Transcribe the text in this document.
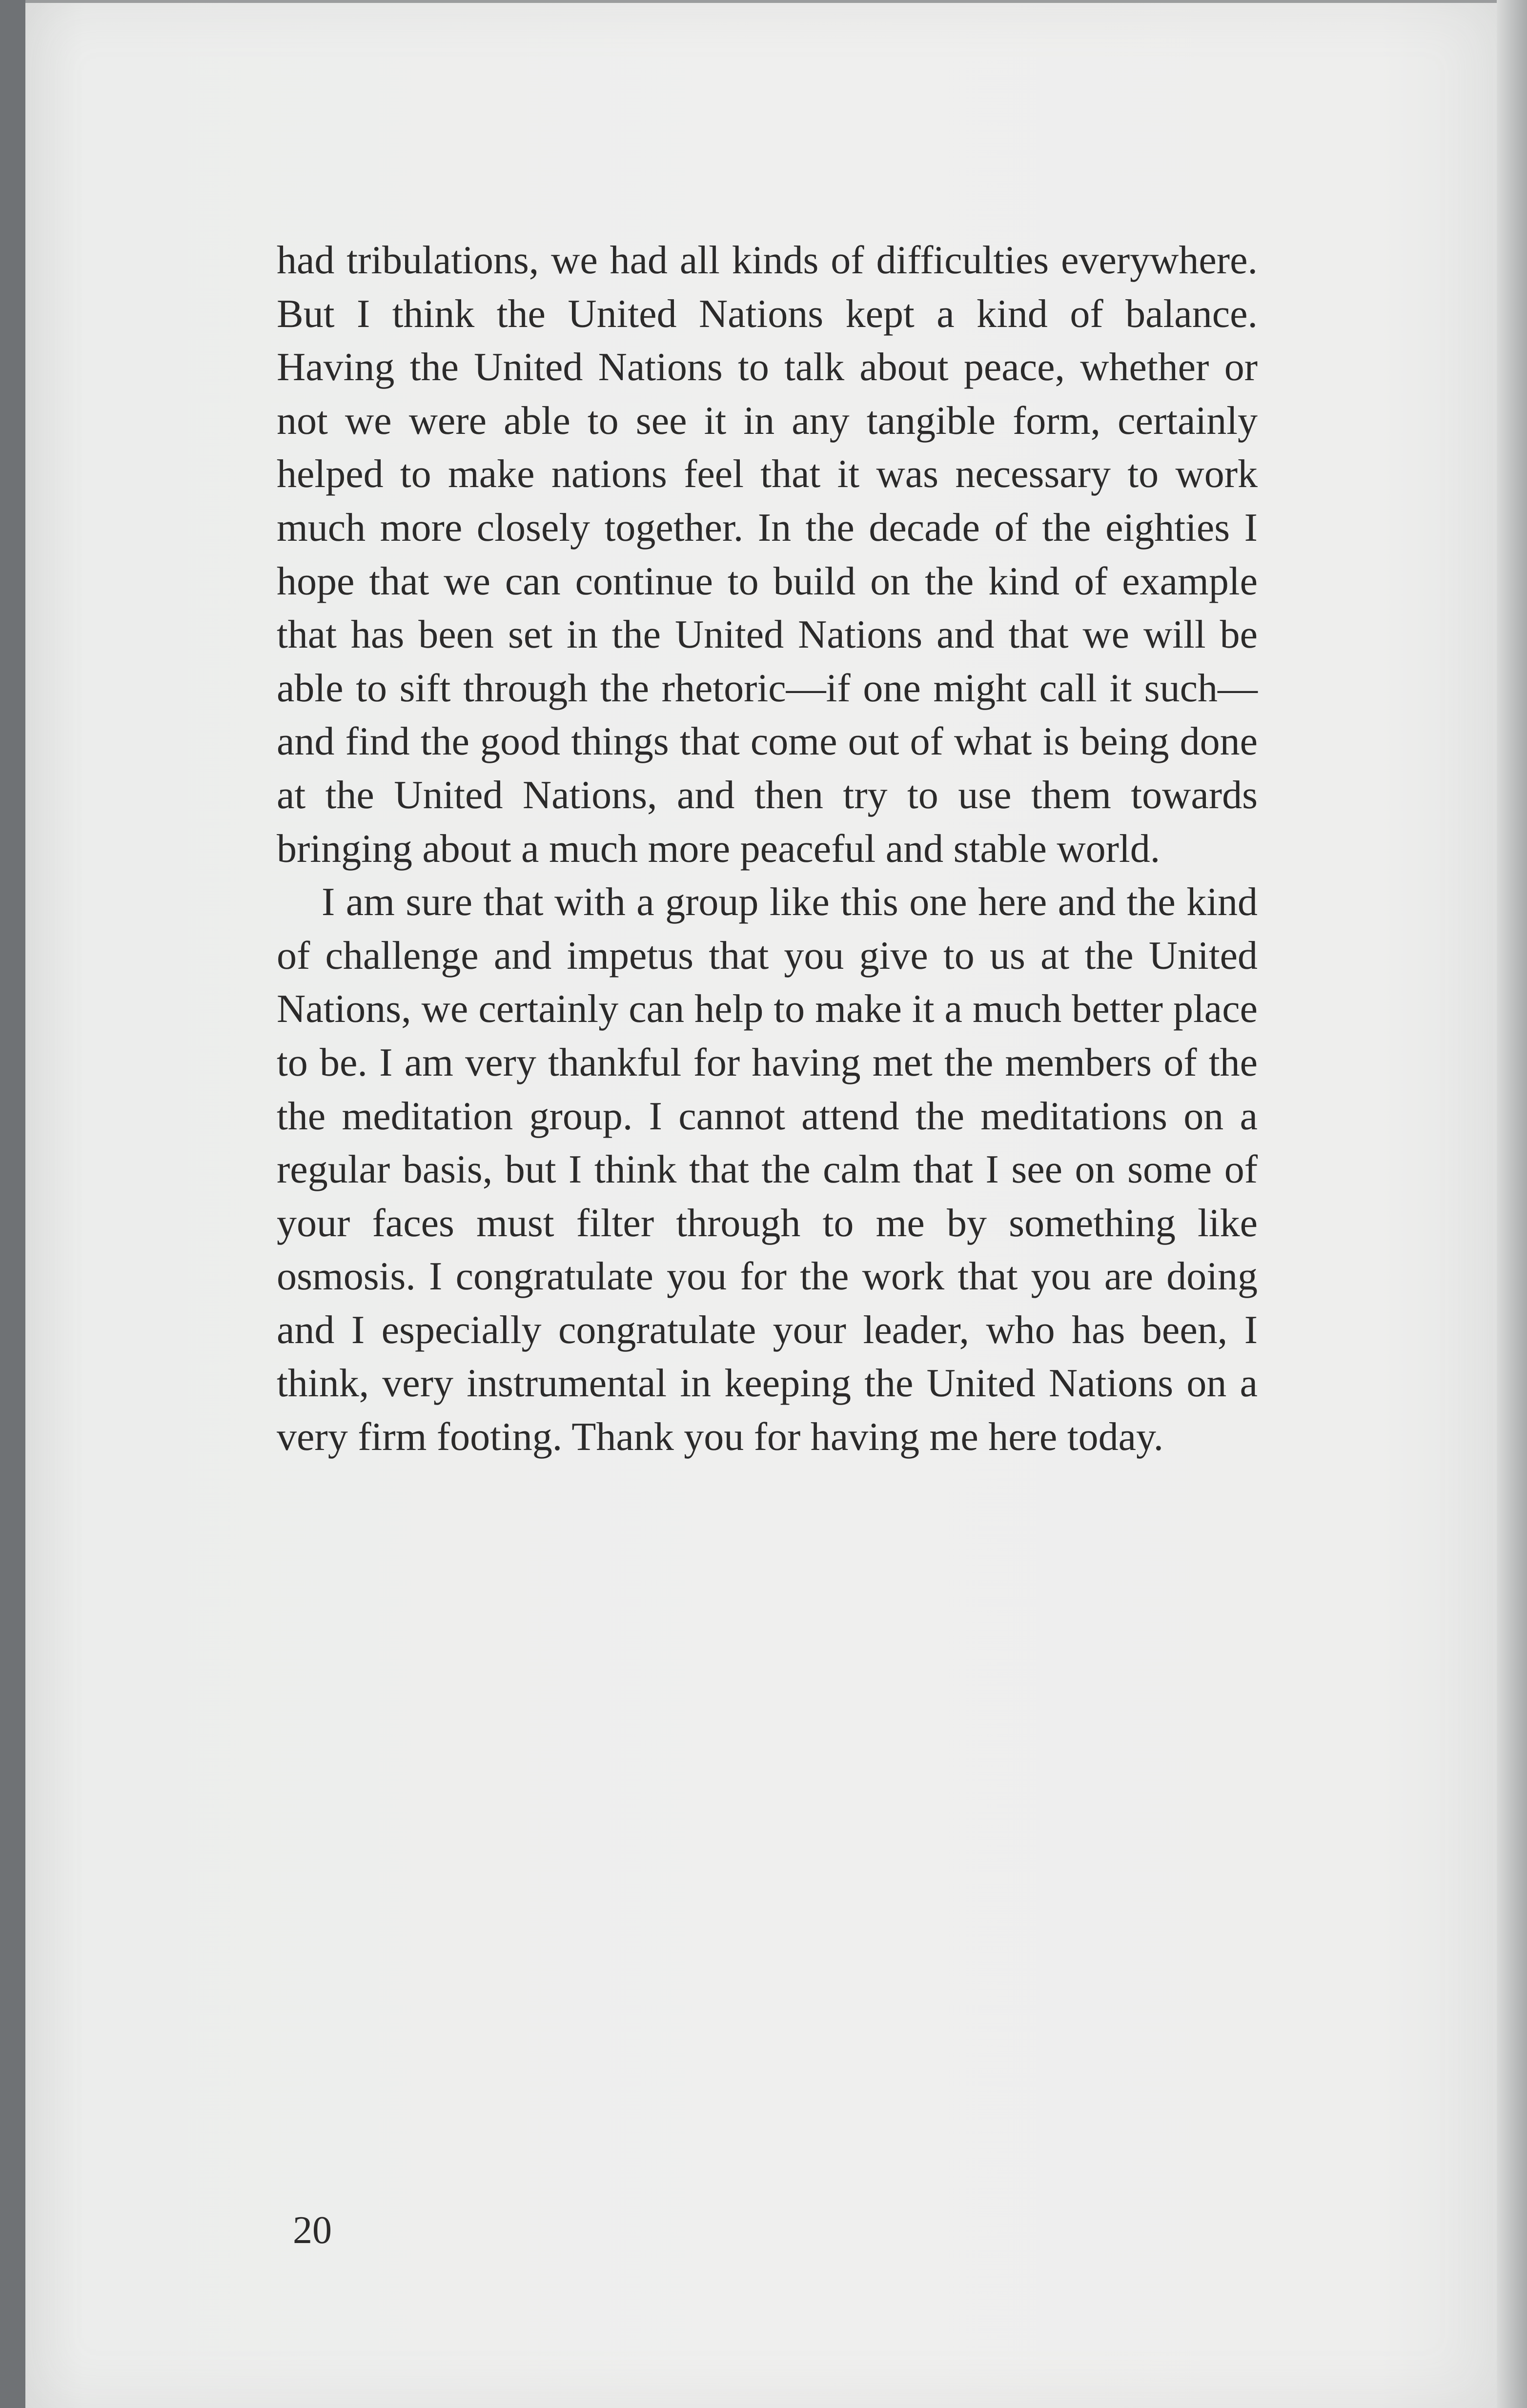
had tribulations, we had all kinds of difficulties everywhere. But I think the United Nations kept a kind of balance. Having the United Nations to talk about peace, whether or not we were able to see it in any tangible form, certainly helped to make nations feel that it was necessary to work much more closely together. In the decade of the eighties I hope that we can continue to build on the kind of example that has been set in the United Nations and that we will be able to sift through the rhetoric—if one might call it such—and find the good things that come out of what is being done at the United Nations, and then try to use them towards bringing about a much more peaceful and stable world.

I am sure that with a group like this one here and the kind of challenge and impetus that you give to us at the United Nations, we certainly can help to make it a much better place to be. I am very thankful for having met the members of the the meditation group. I cannot attend the meditations on a regular basis, but I think that the calm that I see on some of your faces must filter through to me by something like osmosis. I congratulate you for the work that you are doing and I especially congratulate your leader, who has been, I think, very instrumental in keeping the United Nations on a very firm footing. Thank you for having me here today.

20
